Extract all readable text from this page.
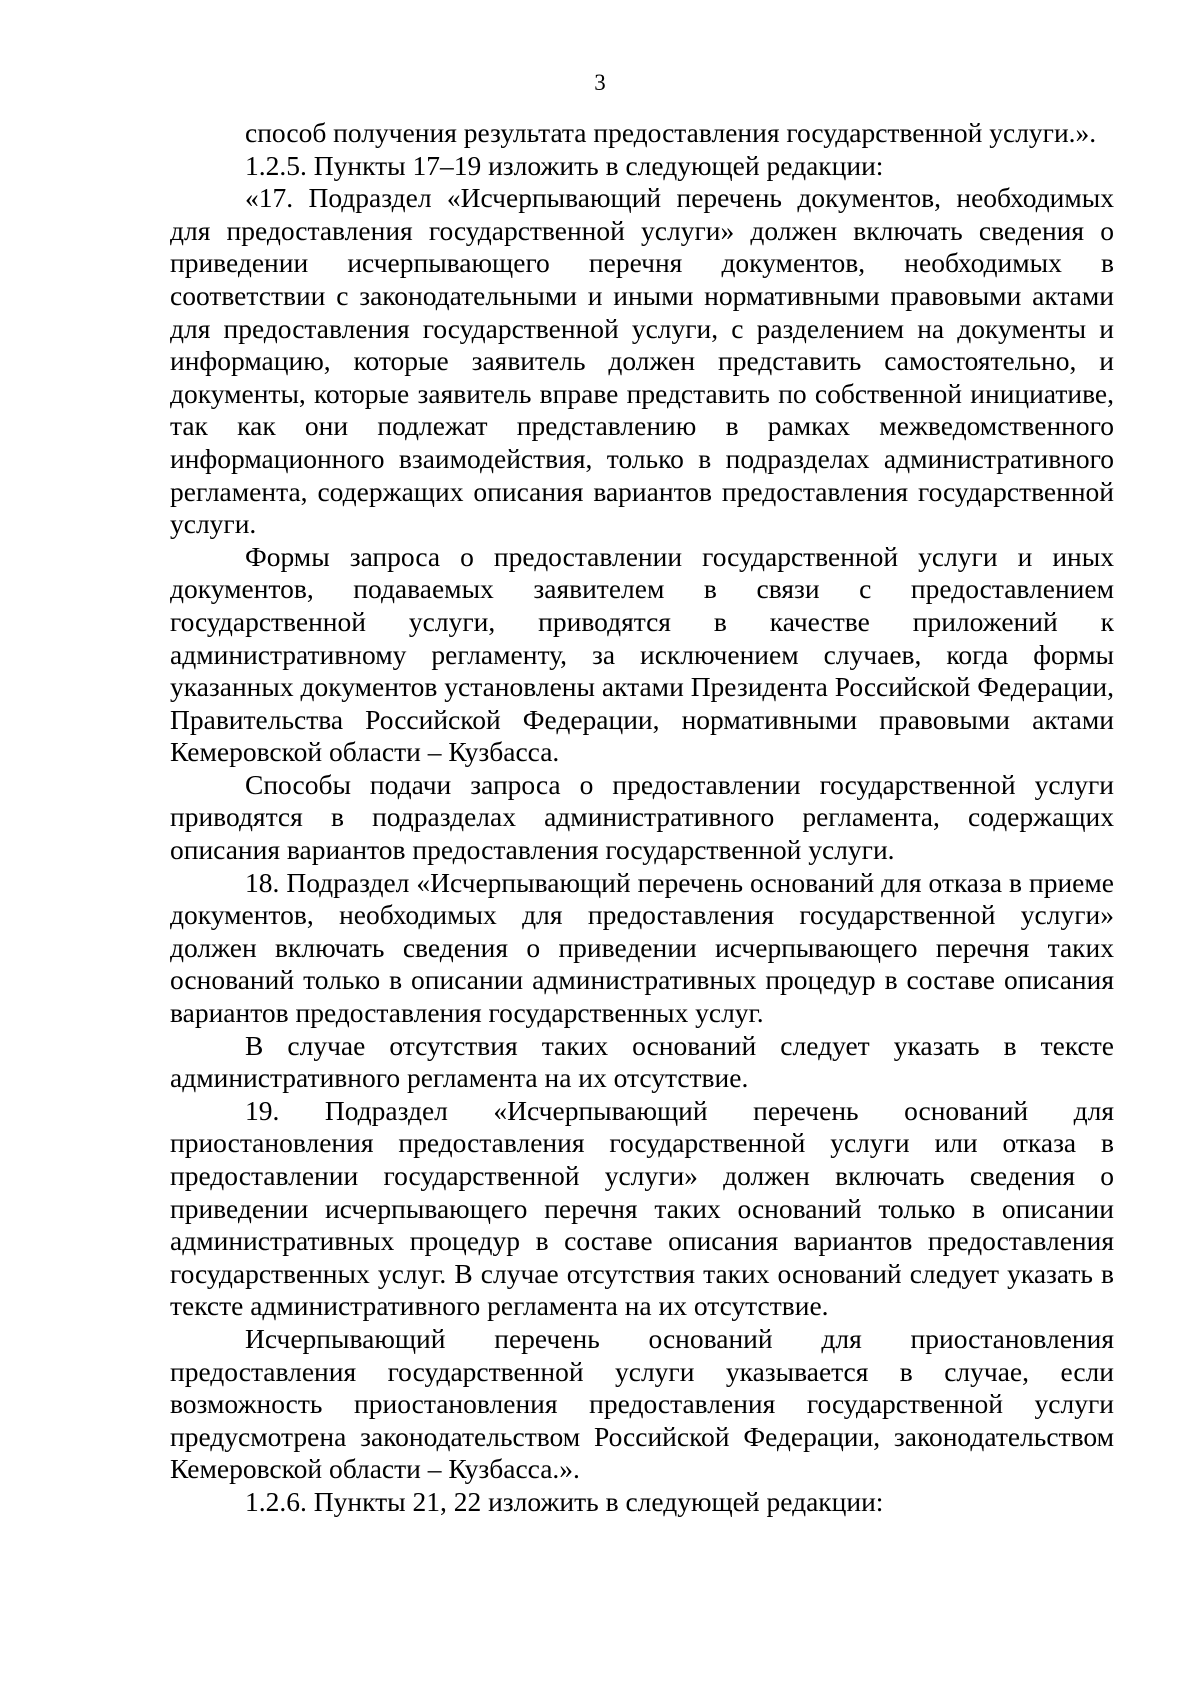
3

способ получения результата предоставления государственной услуги.».

1.2.5. Пункты 17–19 изложить в следующей редакции:

«17. Подраздел «Исчерпывающий перечень документов, необходимых для предоставления государственной услуги» должен включать сведения о приведении исчерпывающего перечня документов, необходимых в соответствии с законодательными и иными нормативными правовыми актами для предоставления государственной услуги, с разделением на документы и информацию, которые заявитель должен представить самостоятельно, и документы, которые заявитель вправе представить по собственной инициативе, так как они подлежат представлению в рамках межведомственного информационного взаимодействия, только в подразделах административного регламента, содержащих описания вариантов предоставления государственной услуги.

Формы запроса о предоставлении государственной услуги и иных документов, подаваемых заявителем в связи с предоставлением государственной услуги, приводятся в качестве приложений к административному регламенту, за исключением случаев, когда формы указанных документов установлены актами Президента Российской Федерации, Правительства Российской Федерации, нормативными правовыми актами Кемеровской области – Кузбасса.

Способы подачи запроса о предоставлении государственной услуги приводятся в подразделах административного регламента, содержащих описания вариантов предоставления государственной услуги.

18. Подраздел «Исчерпывающий перечень оснований для отказа в приеме документов, необходимых для предоставления государственной услуги» должен включать сведения о приведении исчерпывающего перечня таких оснований только в описании административных процедур в составе описания вариантов предоставления государственных услуг.

В случае отсутствия таких оснований следует указать в тексте административного регламента на их отсутствие.

19. Подраздел «Исчерпывающий перечень оснований для приостановления предоставления государственной услуги или отказа в предоставлении государственной услуги» должен включать сведения о приведении исчерпывающего перечня таких оснований только в описании административных процедур в составе описания вариантов предоставления государственных услуг. В случае отсутствия таких оснований следует указать в тексте административного регламента на их отсутствие.

Исчерпывающий перечень оснований для приостановления предоставления государственной услуги указывается в случае, если возможность приостановления предоставления государственной услуги предусмотрена законодательством Российской Федерации, законодательством Кемеровской области – Кузбасса.».

1.2.6. Пункты 21, 22 изложить в следующей редакции:
